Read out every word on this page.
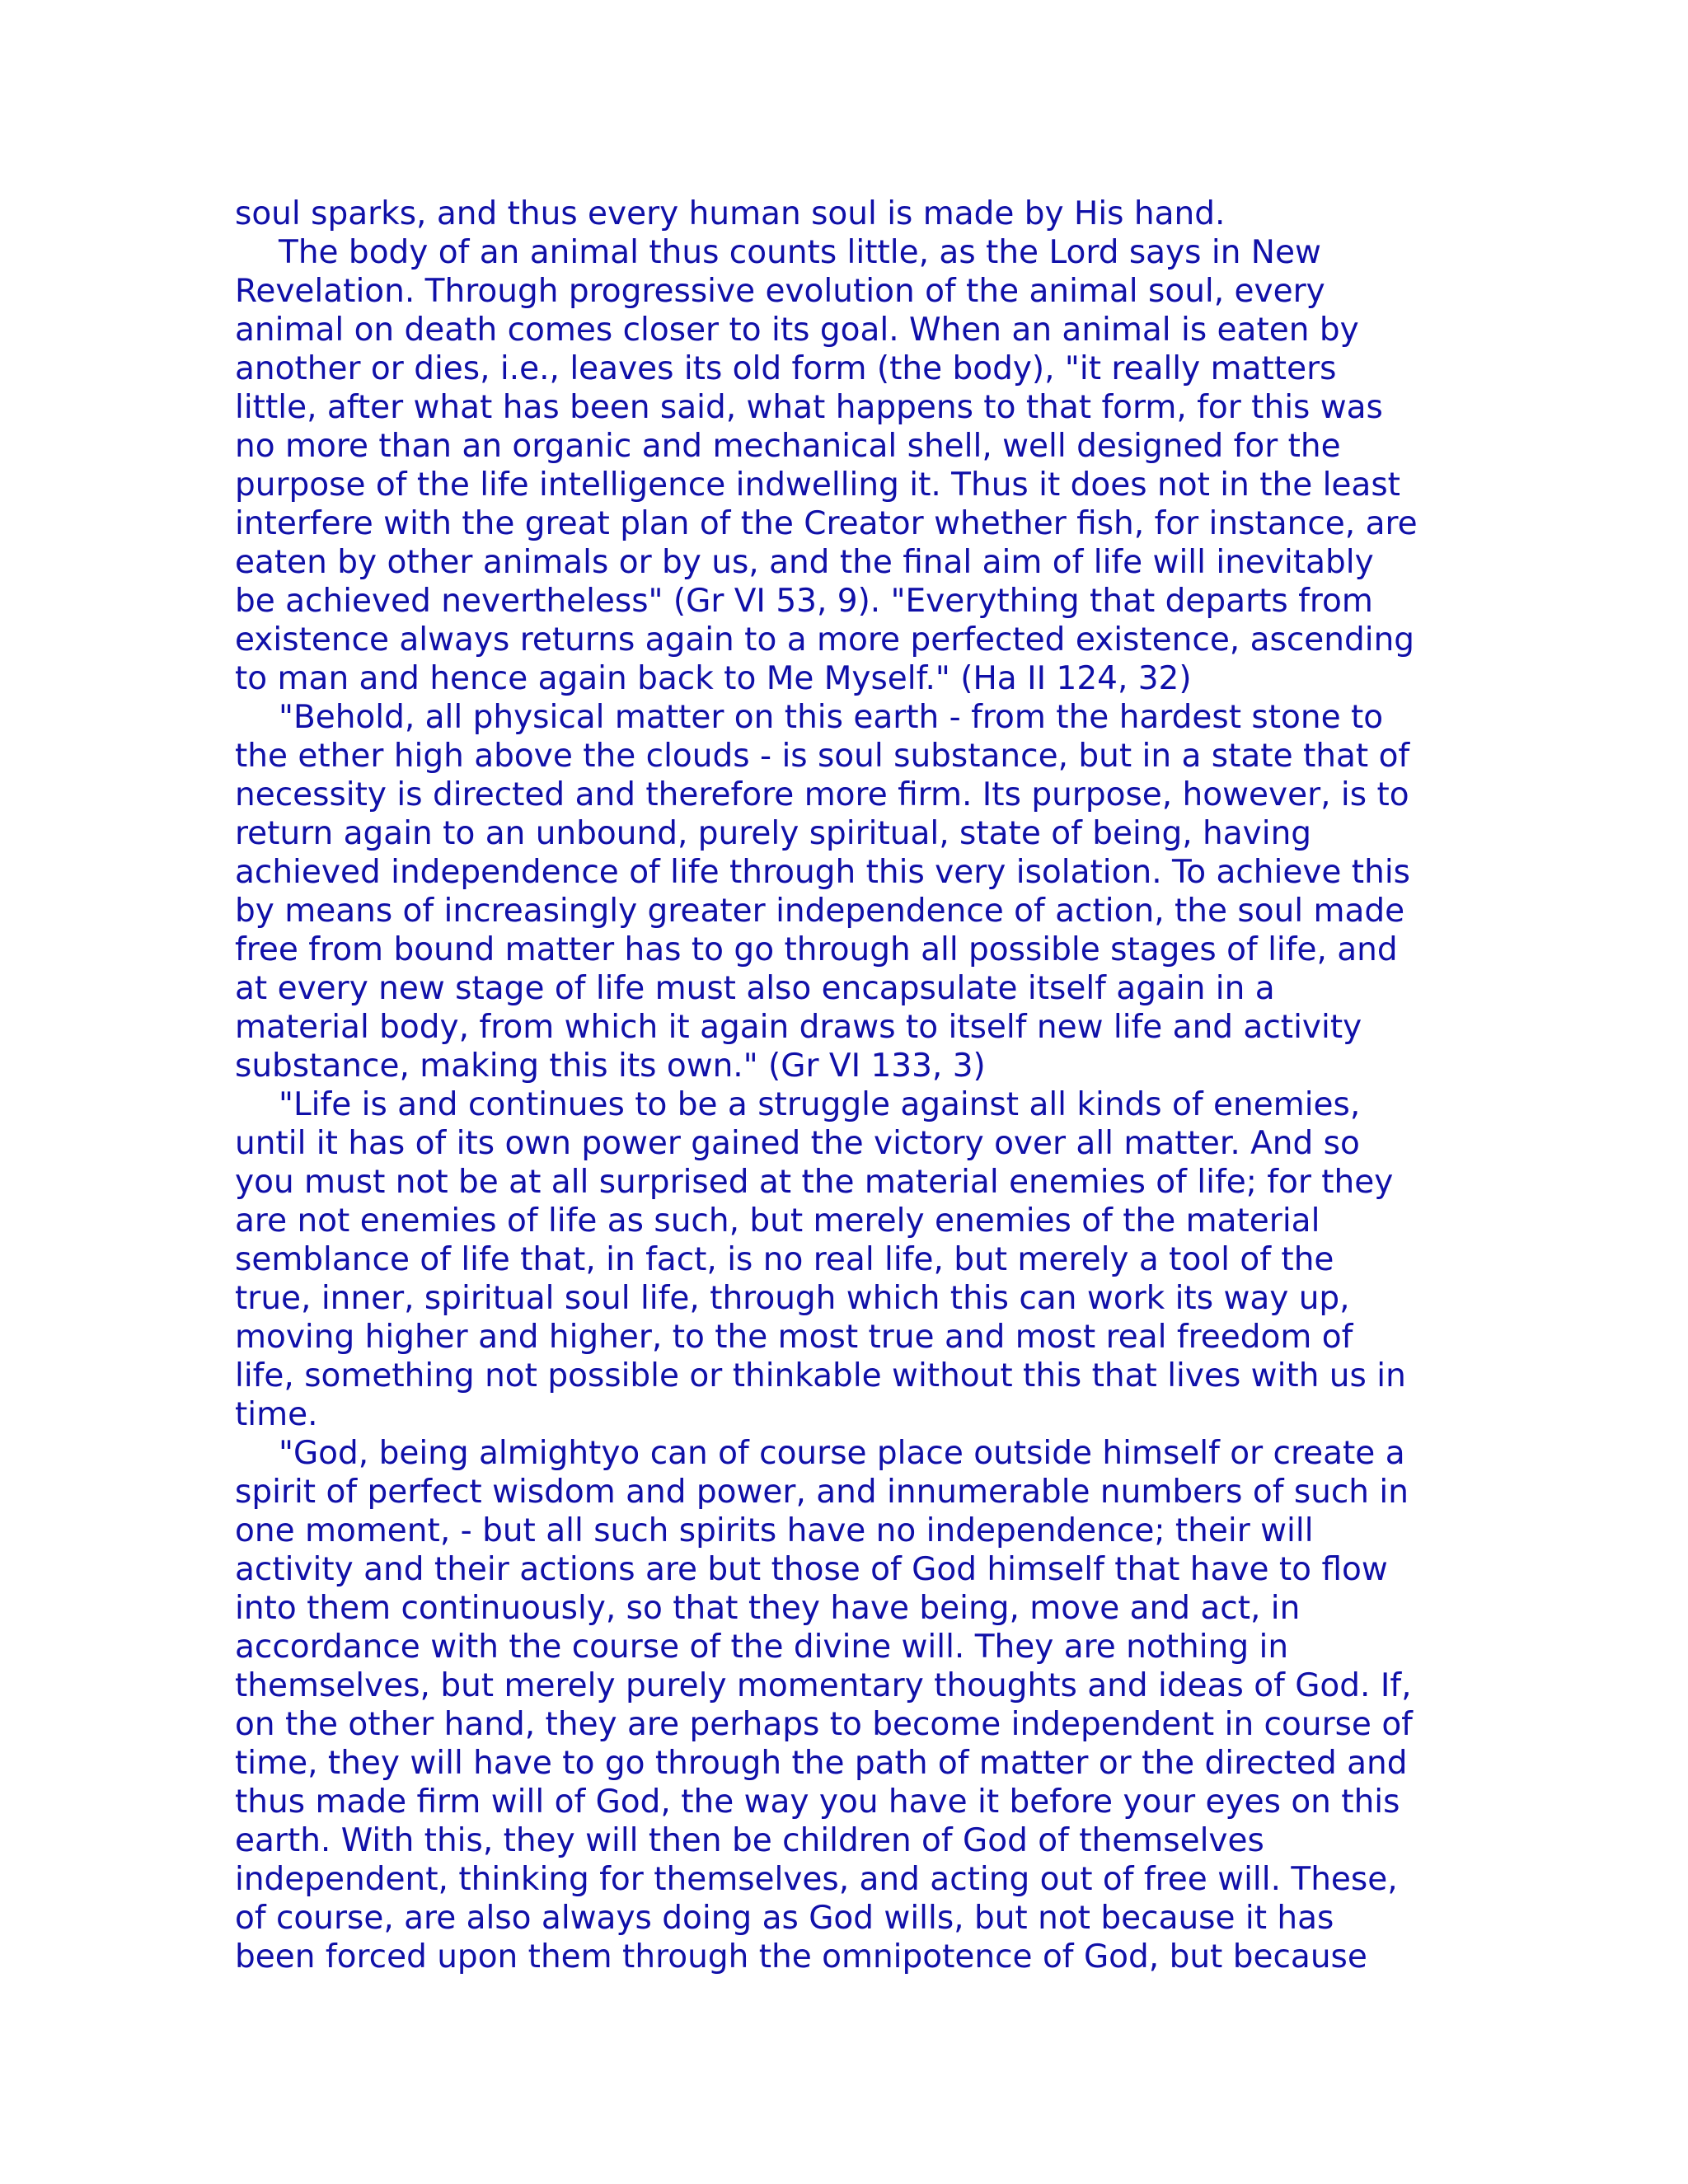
soul sparks, and thus every human soul is made by His hand.
The body of an animal thus counts little, as the Lord says in New
Revelation. Through progressive evolution of the animal soul, every
animal on death comes closer to its goal. When an animal is eaten by
another or dies, i.e., leaves its old form (the body), "it really matters
little, after what has been said, what happens to that form, for this was
no more than an organic and mechanical shell, well designed for the
purpose of the life intelligence indwelling it. Thus it does not in the least
interfere with the great plan of the Creator whether fish, for instance, are
eaten by other animals or by us, and the final aim of life will inevitably
be achieved nevertheless" (Gr VI 53, 9). "Everything that departs from
existence always returns again to a more perfected existence, ascending
to man and hence again back to Me Myself." (Ha II 124, 32)
"Behold, all physical matter on this earth - from the hardest stone to
the ether high above the clouds - is soul substance, but in a state that of
necessity is directed and therefore more firm. Its purpose, however, is to
return again to an unbound, purely spiritual, state of being, having
achieved independence of life through this very isolation. To achieve this
by means of increasingly greater independence of action, the soul made
free from bound matter has to go through all possible stages of life, and
at every new stage of life must also encapsulate itself again in a
material body, from which it again draws to itself new life and activity
substance, making this its own." (Gr VI 133, 3)
"Life is and continues to be a struggle against all kinds of enemies,
until it has of its own power gained the victory over all matter. And so
you must not be at all surprised at the material enemies of life; for they
are not enemies of life as such, but merely enemies of the material
semblance of life that, in fact, is no real life, but merely a tool of the
true, inner, spiritual soul life, through which this can work its way up,
moving higher and higher, to the most true and most real freedom of
life, something not possible or thinkable without this that lives with us in
time.
"God, being almightyo can of course place outside himself or create a
spirit of perfect wisdom and power, and innumerable numbers of such in
one moment, - but all such spirits have no independence; their will
activity and their actions are but those of God himself that have to flow
into them continuously, so that they have being, move and act, in
accordance with the course of the divine will. They are nothing in
themselves, but merely purely momentary thoughts and ideas of God. If,
on the other hand, they are perhaps to become independent in course of
time, they will have to go through the path of matter or the directed and
thus made firm will of God, the way you have it before your eyes on this
earth. With this, they will then be children of God of themselves
independent, thinking for themselves, and acting out of free will. These,
of course, are also always doing as God wills, but not because it has
been forced upon them through the omnipotence of God, but because
